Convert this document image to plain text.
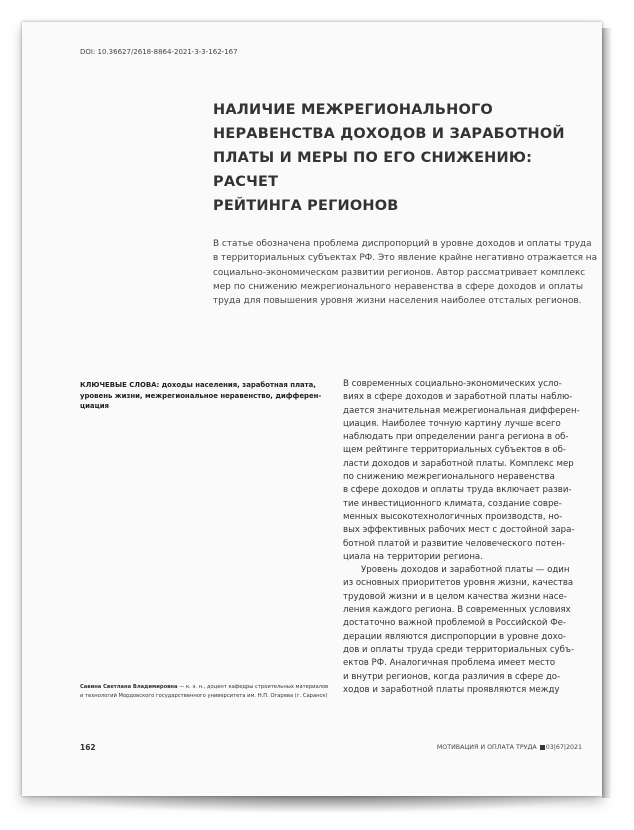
DOI: 10.36627/2618-8864-2021-3-3-162-167
НАЛИЧИЕ МЕЖРЕГИОНАЛЬНОГО
НЕРАВЕНСТВА ДОХОДОВ И ЗАРАБОТНОЙ
ПЛАТЫ И МЕРЫ ПО ЕГО СНИЖЕНИЮ: РАСЧЕТ
РЕЙТИНГА РЕГИОНОВ
В статье обозначена проблема диспропорций в уровне доходов и оплаты труда
в территориальных субъектах РФ. Это явление крайне негативно отражается на
социально-экономическом развитии регионов. Автор рассматривает комплекс
мер по снижению межрегионального неравенства в сфере доходов и оплаты
труда для повышения уровня жизни населения наиболее отсталых регионов.
КЛЮЧЕВЫЕ СЛОВА: доходы населения, заработная плата,
уровень жизни, межрегиональное неравенство, дифферен-
циация
В современных социально-экономических усло-
виях в сфере доходов и заработной платы наблю-
дается значительная межрегиональная дифферен-
циация. Наиболее точную картину лучше всего
наблюдать при определении ранга региона в об-
щем рейтинге территориальных субъектов в об-
ласти доходов и заработной платы. Комплекс мер
по снижению межрегионального неравенства
в сфере доходов и оплаты труда включает разви-
тие инвестиционного климата, создание совре-
менных высокотехнологичных производств, но-
вых эффективных рабочих мест с достойной зара-
ботной платой и развитие человеческого потен-
циала на территории региона.
Уровень доходов и заработной платы — один
из основных приоритетов уровня жизни, качества
трудовой жизни и в целом качества жизни насе-
ления каждого региона. В современных условиях
достаточно важной проблемой в Российской Фе-
дерации являются диспропорции в уровне дохо-
дов и оплаты труда среди территориальных субъ-
ектов РФ. Аналогичная проблема имеет место
и внутри регионов, когда различия в сфере до-
ходов и заработной платы проявляются между
Савина Светлана Владимировна — к. э. н., доцент кафедры строительных материалов
и технологий Мордовского государственного университета им. Н.П. Огарева (г. Саранск)
162	МОТИВАЦИЯ И ОПЛАТА ТРУДА 03|67|2021
